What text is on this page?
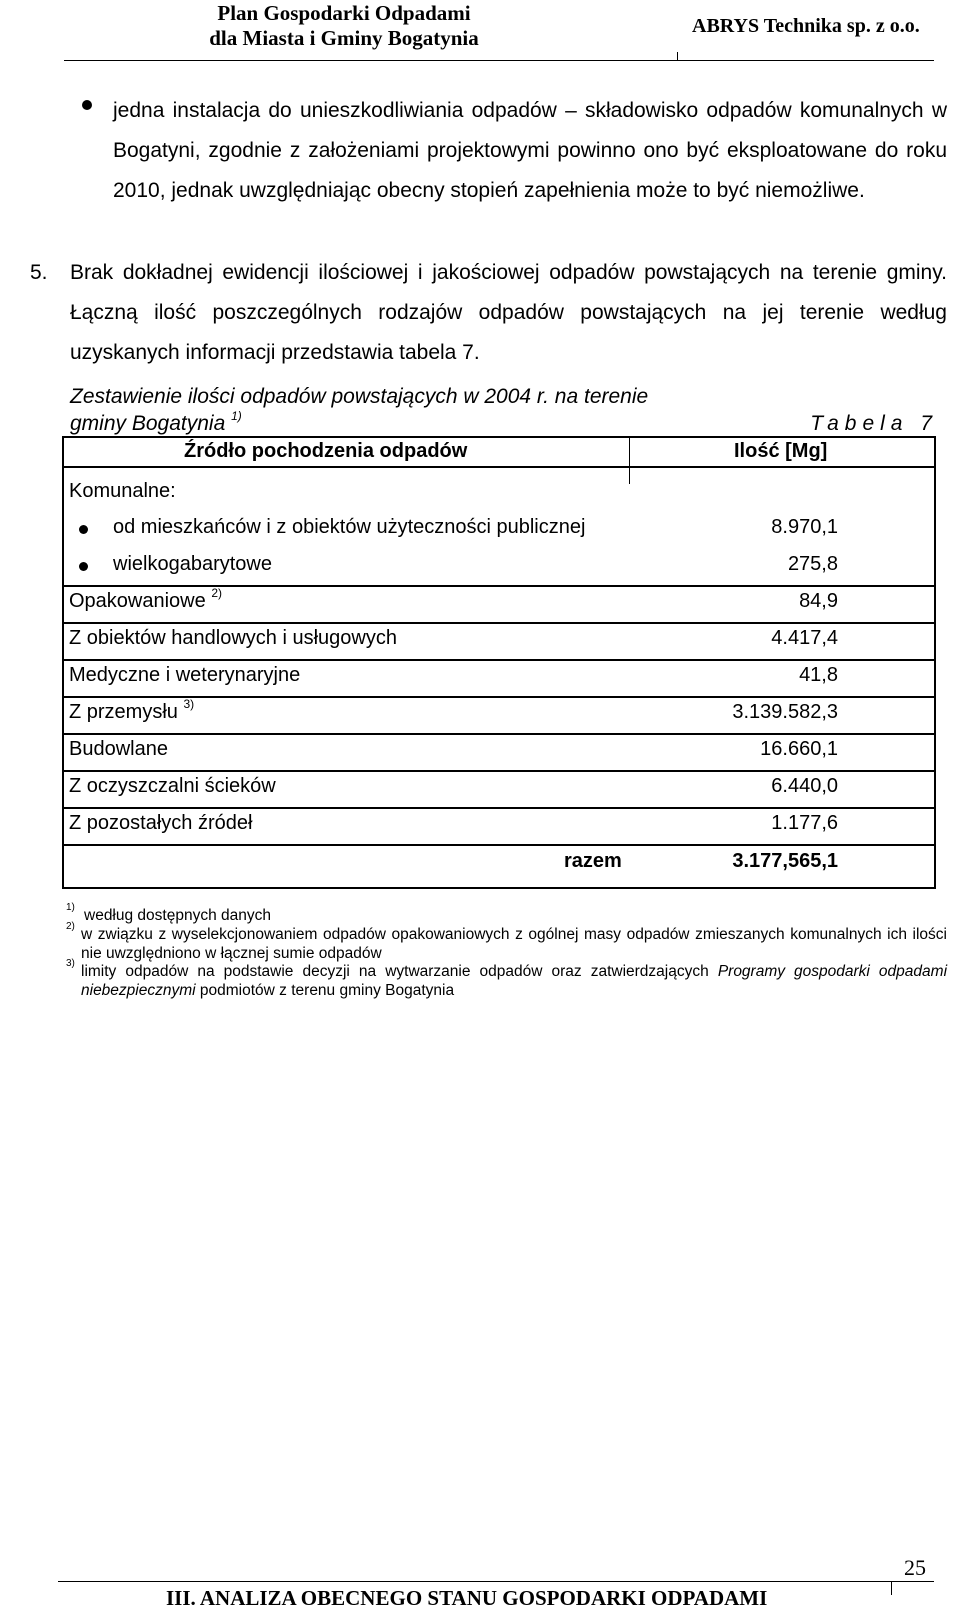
Plan Gospodarki Odpadami
dla Miasta i Gminy Bogatynia	ABRYS Technika sp. z o.o.
jedna instalacja do unieszkodliwiania odpadów – składowisko odpadów komunalnych w Bogatyni, zgodnie z założeniami projektowymi powinno ono być eksploatowane do roku 2010, jednak uwzględniając obecny stopień zapełnienia może to być niemożliwe.
5. Brak dokładnej ewidencji ilościowej i jakościowej odpadów powstających na terenie gminy. Łączną ilość poszczególnych rodzajów odpadów powstających na jej terenie według uzyskanych informacji przedstawia tabela 7.
Zestawienie ilości odpadów powstających w 2004 r. na terenie
gminy Bogatynia $^{1)}$	Tabela 7
Źródło pochodzenia odpadów	Ilość [Mg]
Komunalne:
od mieszkańców i z obiektów użyteczności publicznej	8.970,1
wielkogabarytowe	275,8
Opakowaniowe $^{2)}$	84,9
Z obiektów handlowych i usługowych	4.417,4
Medyczne i weterynaryjne	41,8
Z przemysłu $^{3)}$	3.139.582,3
Budowlane	16.660,1
Z oczyszczalni ścieków	6.440,0
Z pozostałych źródeł	1.177,6
razem	3.177,565,1
1) według dostępnych danych
2) w związku z wyselekcjonowaniem odpadów opakowaniowych z ogólnej masy odpadów zmieszanych komunalnych ich ilości nie uwzględniono w łącznej sumie odpadów
3) limity odpadów na podstawie decyzji na wytwarzanie odpadów oraz zatwierdzających Programy gospodarki odpadami niebezpiecznymi podmiotów z terenu gminy Bogatynia
25
III. ANALIZA OBECNEGO STANU GOSPODARKI ODPADAMI
